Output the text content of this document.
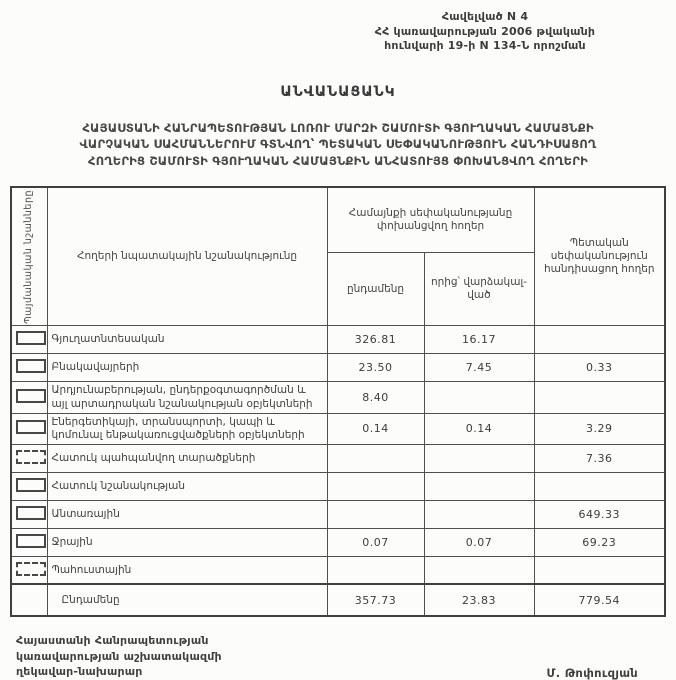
Հավելված N 4
ՀՀ կառավարության 2006 թվականի
հունվարի 19-ի N 134-Ն որոշման
ԱՆՎԱՆԱՑԱՆԿ
ՀԱՅԱՍՏԱՆԻ ՀԱՆՐԱՊԵՏՈՒԹՅԱՆ ԼՈՌՈՒ ՄԱՐԶԻ ՇԱՄՈՒՏԻ ԳՅՈՒՂԱԿԱՆ ՀԱՄԱՅՆՔԻ
ՎԱՐՉԱԿԱՆ ՍԱՀՄԱՆՆԵՐՈՒՄ ԳՏՆՎՈՂ՝ ՊԵՏԱԿԱՆ ՍԵՓԱԿԱՆՈՒԹՅՈՒՆ ՀԱՆԴԻՍԱՑՈՂ
ՀՈՂԵՐԻՑ ՇԱՄՈՒՏԻ ԳՅՈՒՂԱԿԱՆ ՀԱՄԱՅՆՔԻՆ ԱՆՀԱՏՈՒՅՑ ՓՈԽԱՆՑՎՈՂ ՀՈՂԵՐԻ
Պայմանական նշանները	Հողերի նպատակային նշանակությունը	Համայնքի սեփականությանը փոխանցվող հողեր		Պետական սեփականություն հանդիսացող հողեր
		ընդամենը	որից՝ վարձակալ- ված	
	Գյուղատնտեսական	326.81	16.17	
	Բնակավայրերի	23.50	7.45	0.33
	Արդյունաբերության, ընդերքօգտագործման և այլ արտադրական նշանակության օբյեկտների	8.40		
	Էներգետիկայի, տրանսպորտի, կապի և կոմունալ ենթակառուցվածքների օբյեկտների	0.14	0.14	3.29
	Հատուկ պահպանվող տարածքների			7.36
	Հատուկ նշանակության			
	Անտառային			649.33
	Ջրային	0.07	0.07	69.23
	Պահուստային			
	Ընդամենը	357.73	23.83	779.54
Հայաստանի Հանրապետության
կառավարության աշխատակազմի
ղեկավար-նախարար	Մ. Թոփուզյան
